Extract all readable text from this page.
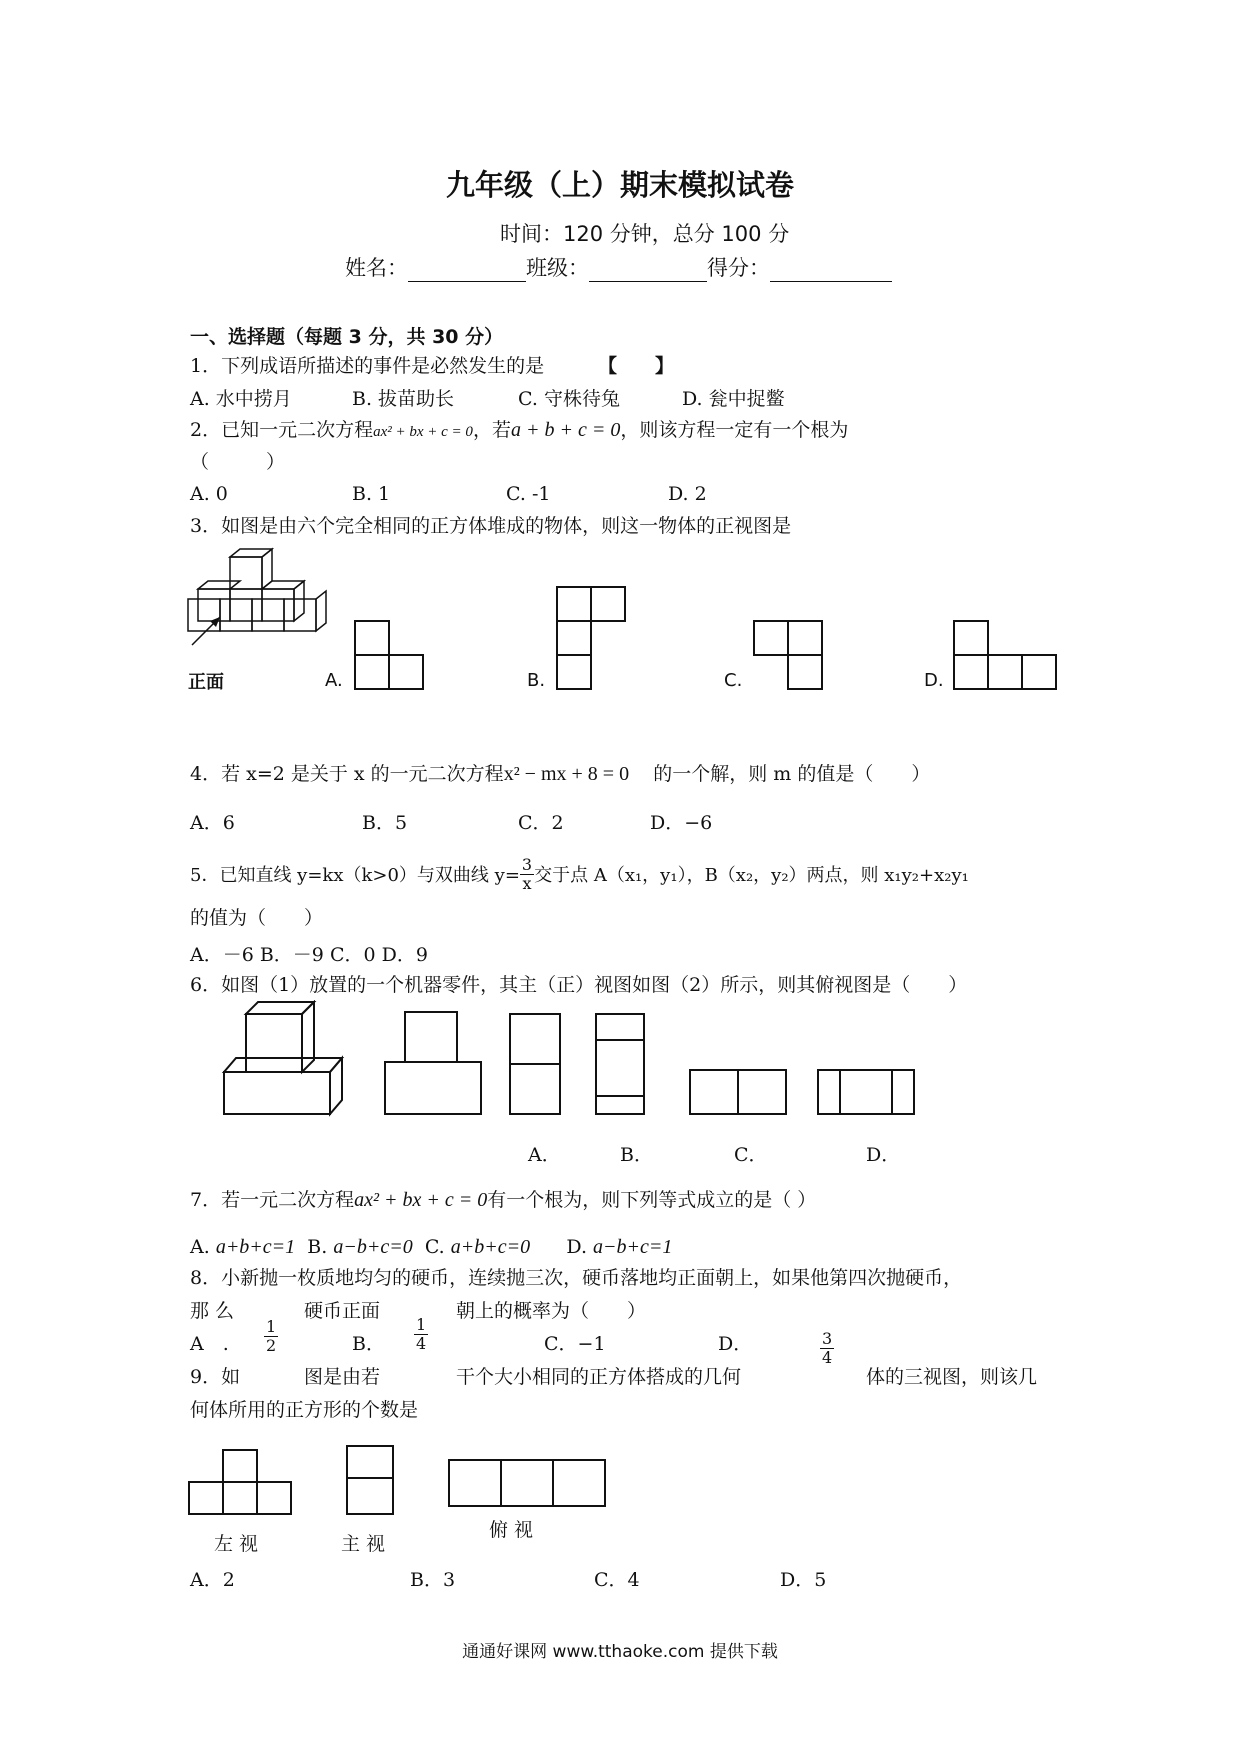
九年级（上）期末模拟试卷
时间：120 分钟，总分 100 分
姓名：	班级：	得分：
一、选择题（每题 3 分，共 30 分）
1．下列成语所描述的事件是必然发生的是	【　　】
A. 水中捞月	B. 拔苗助长	C. 守株待兔	D. 瓮中捉鳖
2．已知一元二次方程ax² + bx + c = 0，若a + b + c = 0，则该方程一定有一个根为
（　　　）
A. 0	B. 1	C. -1	D. 2
3．如图是由六个完全相同的正方体堆成的物体，则这一物体的正视图是
正面	A.	B.	C.	D.
4．若 x=2 是关于 x 的一元二次方程x² − mx + 8 = 0 的一个解，则 m 的值是（　　）
A．6	B．5	C．2	D．−6
5．已知直线 y=kx（k>0）与双曲线 $y= \frac{3}{x}$ 交于点 A（x₁，y₁），B（x₂，y₂）两点，则 x₁y₂+x₂y₁
的值为（　　）
A．－6 B．－9 C．0 D．9
6．如图（1）放置的一个机器零件，其主（正）视图如图（2）所示，则其俯视图是（　　）
A．	B．	C．	D．
7．若一元二次方程ax² + bx + c = 0有一个根为，则下列等式成立的是（ ）
A. a+b+c=1 B. a−b+c=0 C. a+b+c=0 D. a−b+c=1
8．小新抛一枚质地均匀的硬币，连续抛三次，硬币落地均正面朝上，如果他第四次抛硬币，
那 么	硬币正面	朝上的概率为（　　）
A　. $\frac{1}{2}$	B． $\frac{1}{4}$	C．−1	D．	$\frac{3}{4}$
9．如	图是由若	干个大小相同的正方体搭成的几何	体的三视图，则该几
何体所用的正方形的个数是
左 视	主 视
俯 视
A．2	B．3	C．4	D．5
通通好课网 www.tthaoke.com 提供下载
